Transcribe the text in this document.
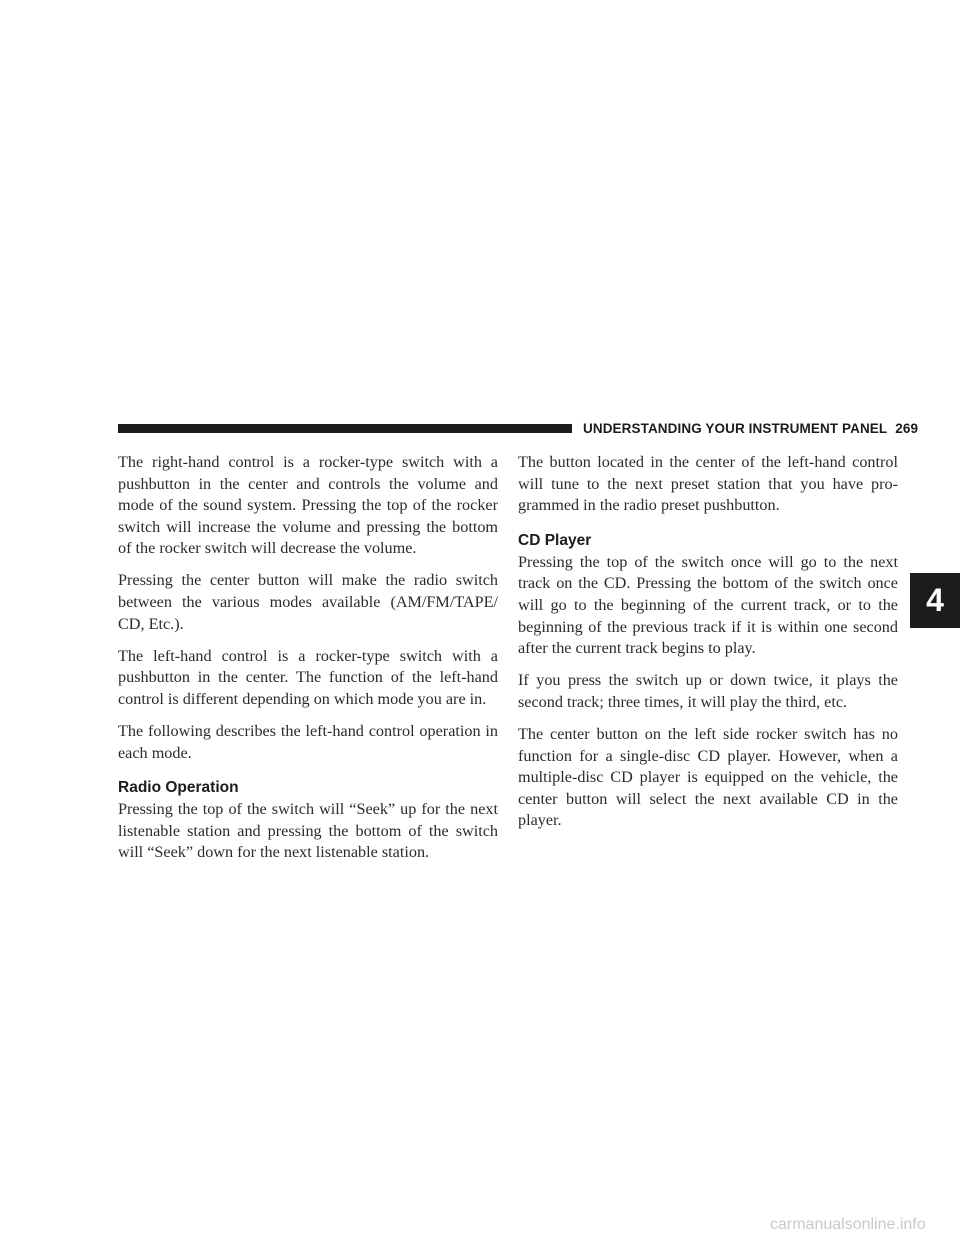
UNDERSTANDING YOUR INSTRUMENT PANEL 269

The right-hand control is a rocker-type switch with a pushbutton in the center and controls the volume and mode of the sound system. Pressing the top of the rocker switch will increase the volume and pressing the bottom of the rocker switch will decrease the volume.

Pressing the center button will make the radio switch between the various modes available (AM/FM/TAPE/ CD, Etc.).

The left-hand control is a rocker-type switch with a pushbutton in the center. The function of the left-hand control is different depending on which mode you are in.

The following describes the left-hand control operation in each mode.

Radio Operation

Pressing the top of the switch will “Seek” up for the next listenable station and pressing the bottom of the switch will “Seek” down for the next listenable station.

The button located in the center of the left-hand control will tune to the next preset station that you have pro-grammed in the radio preset pushbutton.

CD Player

Pressing the top of the switch once will go to the next track on the CD. Pressing the bottom of the switch once will go to the beginning of the current track, or to the beginning of the previous track if it is within one second after the current track begins to play.

If you press the switch up or down twice, it plays the second track; three times, it will play the third, etc.

The center button on the left side rocker switch has no function for a single-disc CD player. However, when a multiple-disc CD player is equipped on the vehicle, the center button will select the next available CD in the player.

4
carmanualsonline.info
